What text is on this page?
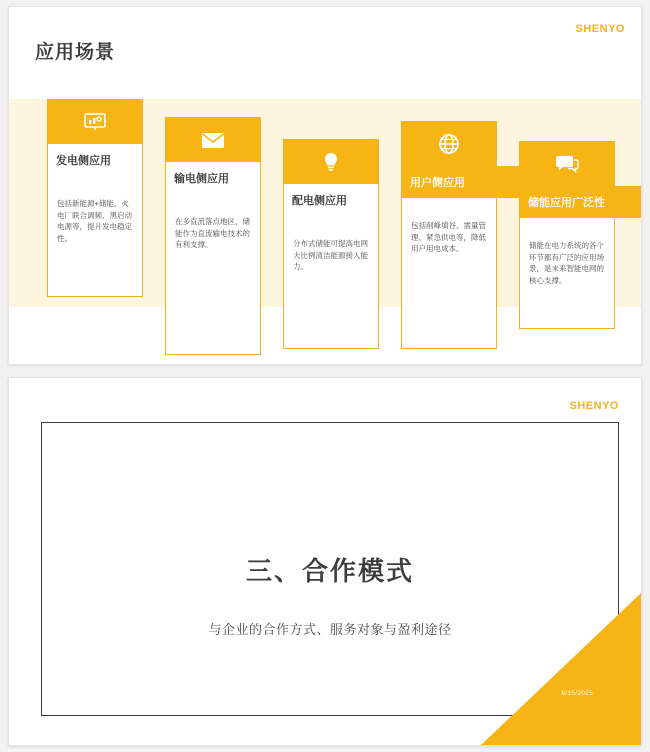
SHENYO
应用场景
发电侧应用
包括新能源+储能、火电厂联合调频、黑启动电源等，提升发电稳定性。
输电侧应用
在多直流落点地区，储能作为直流输电技术的有利支撑。
配电侧应用
分布式储能可提高电网大比例清洁能源接入能力。
用户侧应用
包括削峰填谷、需量管理、紧急供电等，降低用户用电成本。
储能应用广泛性
储能在电力系统的各个环节都有广泛的应用场景，是未来智能电网的核心支撑。
SHENYO
三、合作模式
与企业的合作方式、服务对象与盈利途径
6/15/2025
